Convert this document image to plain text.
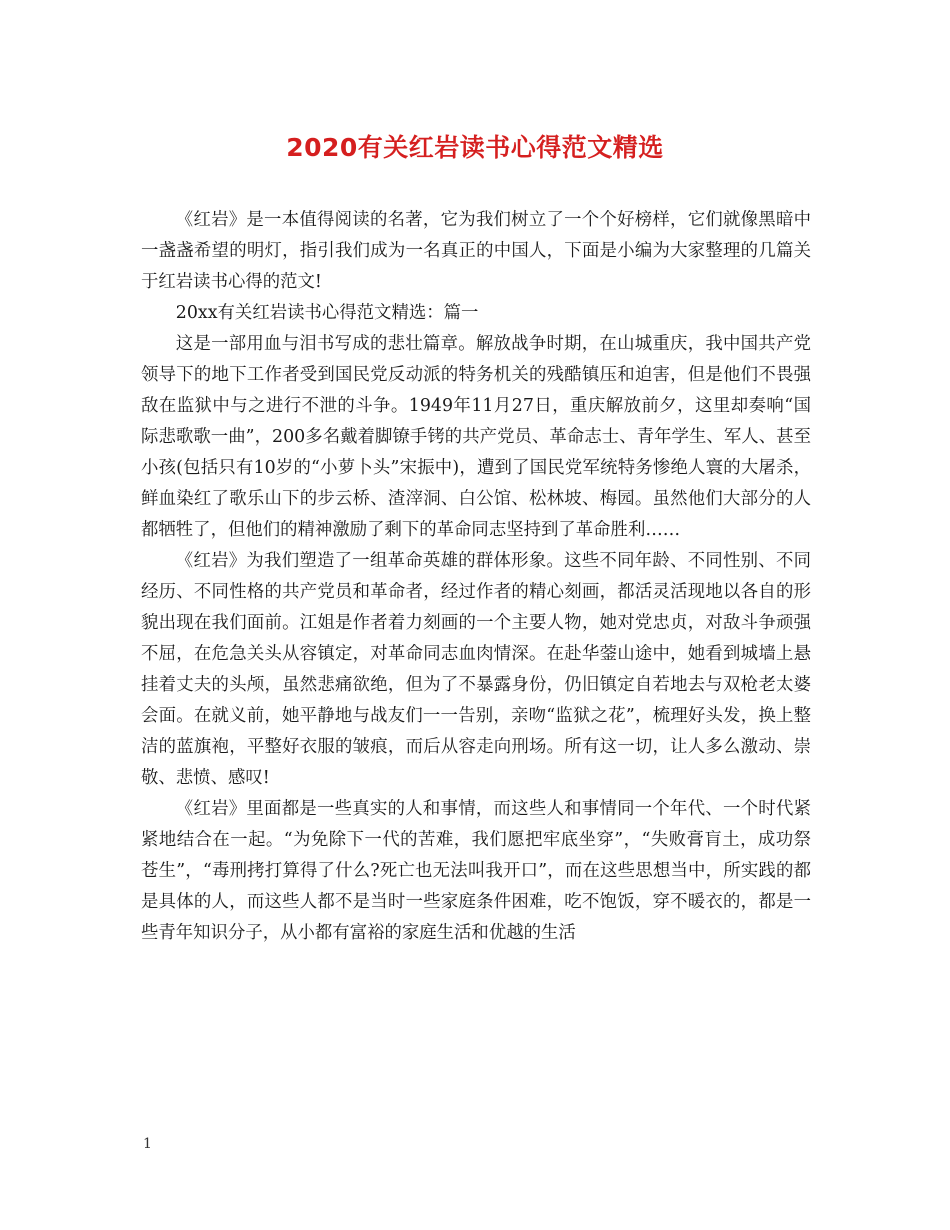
2020有关红岩读书心得范文精选

《红岩》是一本值得阅读的名著，它为我们树立了一个个好榜样，它们就像黑暗中一盏盏希望的明灯，指引我们成为一名真正的中国人，下面是小编为大家整理的几篇关于红岩读书心得的范文!

20xx有关红岩读书心得范文精选：篇一

这是一部用血与泪书写成的悲壮篇章。解放战争时期，在山城重庆，我中国共产党领导下的地下工作者受到国民党反动派的特务机关的残酷镇压和迫害，但是他们不畏强敌在监狱中与之进行不泄的斗争。1949年11月27日，重庆解放前夕，这里却奏响“国际悲歌歌一曲”，200多名戴着脚镣手铐的共产党员、革命志士、青年学生、军人、甚至小孩(包括只有10岁的“小萝卜头”宋振中)，遭到了国民党军统特务惨绝人寰的大屠杀，鲜血染红了歌乐山下的步云桥、渣滓洞、白公馆、松林坡、梅园。虽然他们大部分的人都牺牲了，但他们的精神激励了剩下的革命同志坚持到了革命胜利……

《红岩》为我们塑造了一组革命英雄的群体形象。这些不同年龄、不同性别、不同经历、不同性格的共产党员和革命者，经过作者的精心刻画，都活灵活现地以各自的形貌出现在我们面前。江姐是作者着力刻画的一个主要人物，她对党忠贞，对敌斗争顽强不屈，在危急关头从容镇定，对革命同志血肉情深。在赴华蓥山途中，她看到城墙上悬挂着丈夫的头颅，虽然悲痛欲绝，但为了不暴露身份，仍旧镇定自若地去与双枪老太婆会面。在就义前，她平静地与战友们一一告别，亲吻“监狱之花”，梳理好头发，换上整洁的蓝旗袍，平整好衣服的皱痕，而后从容走向刑场。所有这一切，让人多么激动、崇敬、悲愤、感叹!

《红岩》里面都是一些真实的人和事情，而这些人和事情同一个年代、一个时代紧紧地结合在一起。“为免除下一代的苦难，我们愿把牢底坐穿”，“失败膏肓土，成功祭苍生”，“毒刑拷打算得了什么?死亡也无法叫我开口”，而在这些思想当中，所实践的都是具体的人，而这些人都不是当时一些家庭条件困难，吃不饱饭，穿不暖衣的，都是一些青年知识分子，从小都有富裕的家庭生活和优越的生活

1
